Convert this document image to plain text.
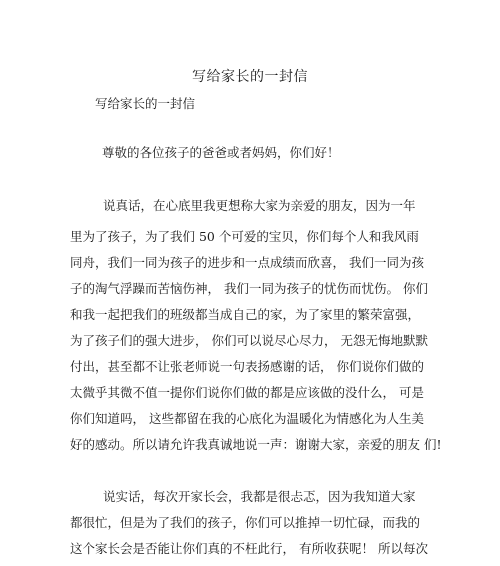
写给家长的一封信
写给家长的一封信
尊敬的各位孩子的爸爸或者妈妈，你们好！
说真话，在心底里我更想称大家为亲爱的朋友，因为一年
里为了孩子，为了我们 50 个可爱的宝贝，你们每个人和我风雨
同舟，我们一同为孩子的进步和一点成绩而欣喜， 我们一同为孩
子的淘气浮躁而苦恼伤神， 我们一同为孩子的忧伤而忧伤。 你们
和我一起把我们的班级都当成自己的家，为了家里的繁荣富强，
为了孩子们的强大进步， 你们可以说尽心尽力， 无怨无悔地默默
付出，甚至都不让张老师说一句表扬感谢的话， 你们说你们做的
太微乎其微不值一提你们说你们做的都是应该做的没什么， 可是
你们知道吗， 这些都留在我的心底化为温暖化为情感化为人生美
好的感动。所以请允许我真诚地说一声：谢谢大家，亲爱的朋友 们!
说实话，每次开家长会，我都是很忐忑，因为我知道大家
都很忙，但是为了我们的孩子，你们可以推掉一切忙碌，而我的
这个家长会是否能让你们真的不枉此行， 有所收获呢！ 所以每次
